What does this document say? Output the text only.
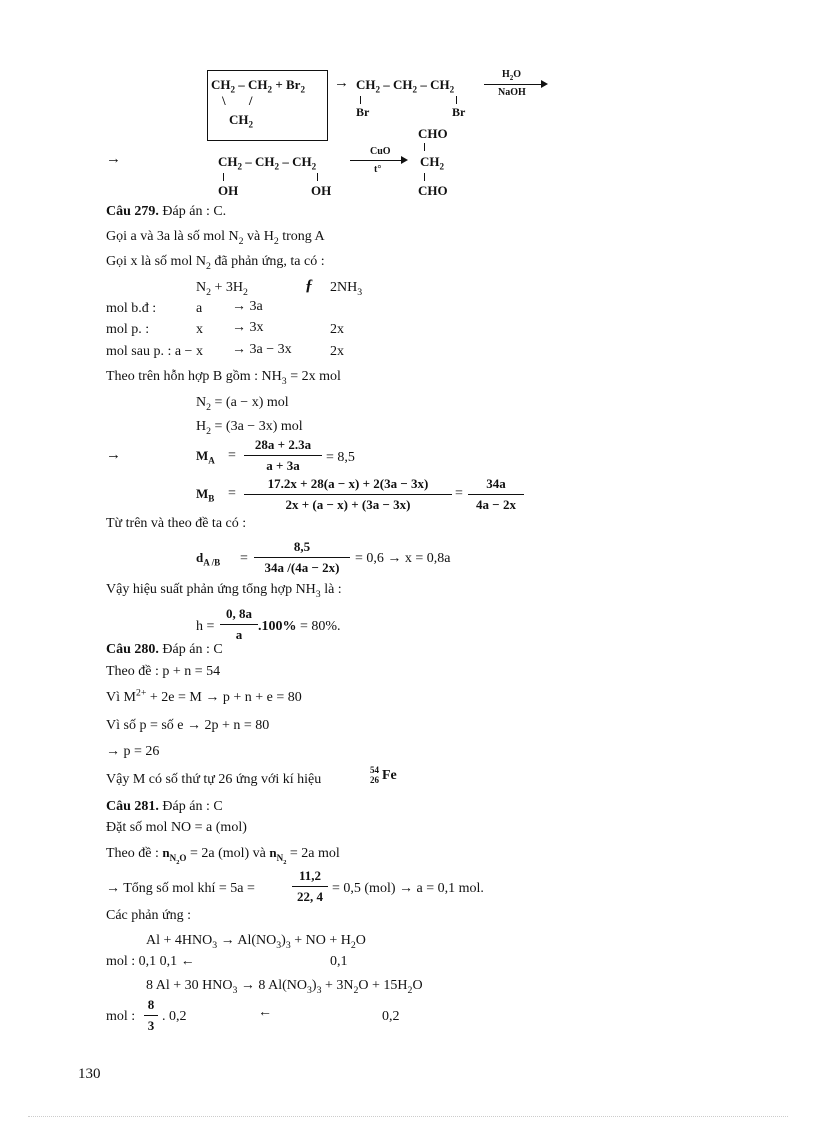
$CH_2 - CH_2 + Br_2$
\ /
$CH_2$
→ $CH_2 - CH_2 - CH_2$
Br	Br
$H_2O$
NaOH
CHO
→	$CH_2 - CH_2 - CH_2$
OH	OH
CuO
t°
$CH_2$
CHO
Câu 279. Đáp án : C.
Gọi a và 3a là số mol $N_2$ và $H_2$ trong A
Gọi x là số mol $N_2$ đã phản ứng, ta có :
$N_2 + 3H_2$	ƒ $2NH_3$
mol b.đ :	a → 3a
mol p. :	x → 3x	2x
mol sau p. : a − x → 3a − 3x	2x
Theo trên hỗn hợp B gồm : $NH_3 = 2x$ mol
$N_2 = (a - x)$ mol
$H_2 = (3a - 3x)$ mol
→	$M_A = \frac{28a + 2.3a}{a + 3a} = 8,5$
$M_B = \frac{17.2x + 28(a - x) + 2(3a - 3x)}{2x + (a - x) + (3a - 3x)} = \frac{34a}{4a - 2x}$
Từ trên và theo đề ta có :
$d_{A /B} = \frac{8,5}{34a /(4a - 2x)} = 0,6 \to x = 0,8a$
Vậy hiệu suất phản ứng tổng hợp $NH_3$ là :
$h = \frac{0, 8a}{a} .100\% = 80\%$.
Câu 280. Đáp án : C
Theo đề : p + n = 54
Vì $M^{2+} + 2e = M \to p + n + e = 80$
Vì số p = số e → 2p + n = 80
→ p = 26
Vậy M có số thứ tự 26 ứng với kí hiệu
54
26 Fe
Câu 281. Đáp án : C
Đặt số mol NO = a (mol)
Theo đề : $n_{N_2O} = 2a$ (mol) và $n_{N_2} = 2a$ mol
→ Tổng số mol khí = 5a =	$\frac{11,2}{22, 4} = 0,5$ (mol) → a = 0,1 mol.
Các phản ứng :
$Al + 4HNO_3 \to Al(NO_3)_3$ + NO + $H_2O$
mol : 0,1 0,1 ←	0,1
8 Al + 30 $HNO_3 \to 8$ $Al(NO_3)_3 + 3N_2O + 15H_2O$
mol : $\frac{8}{3}$ . 0,2	←	0,2
130
